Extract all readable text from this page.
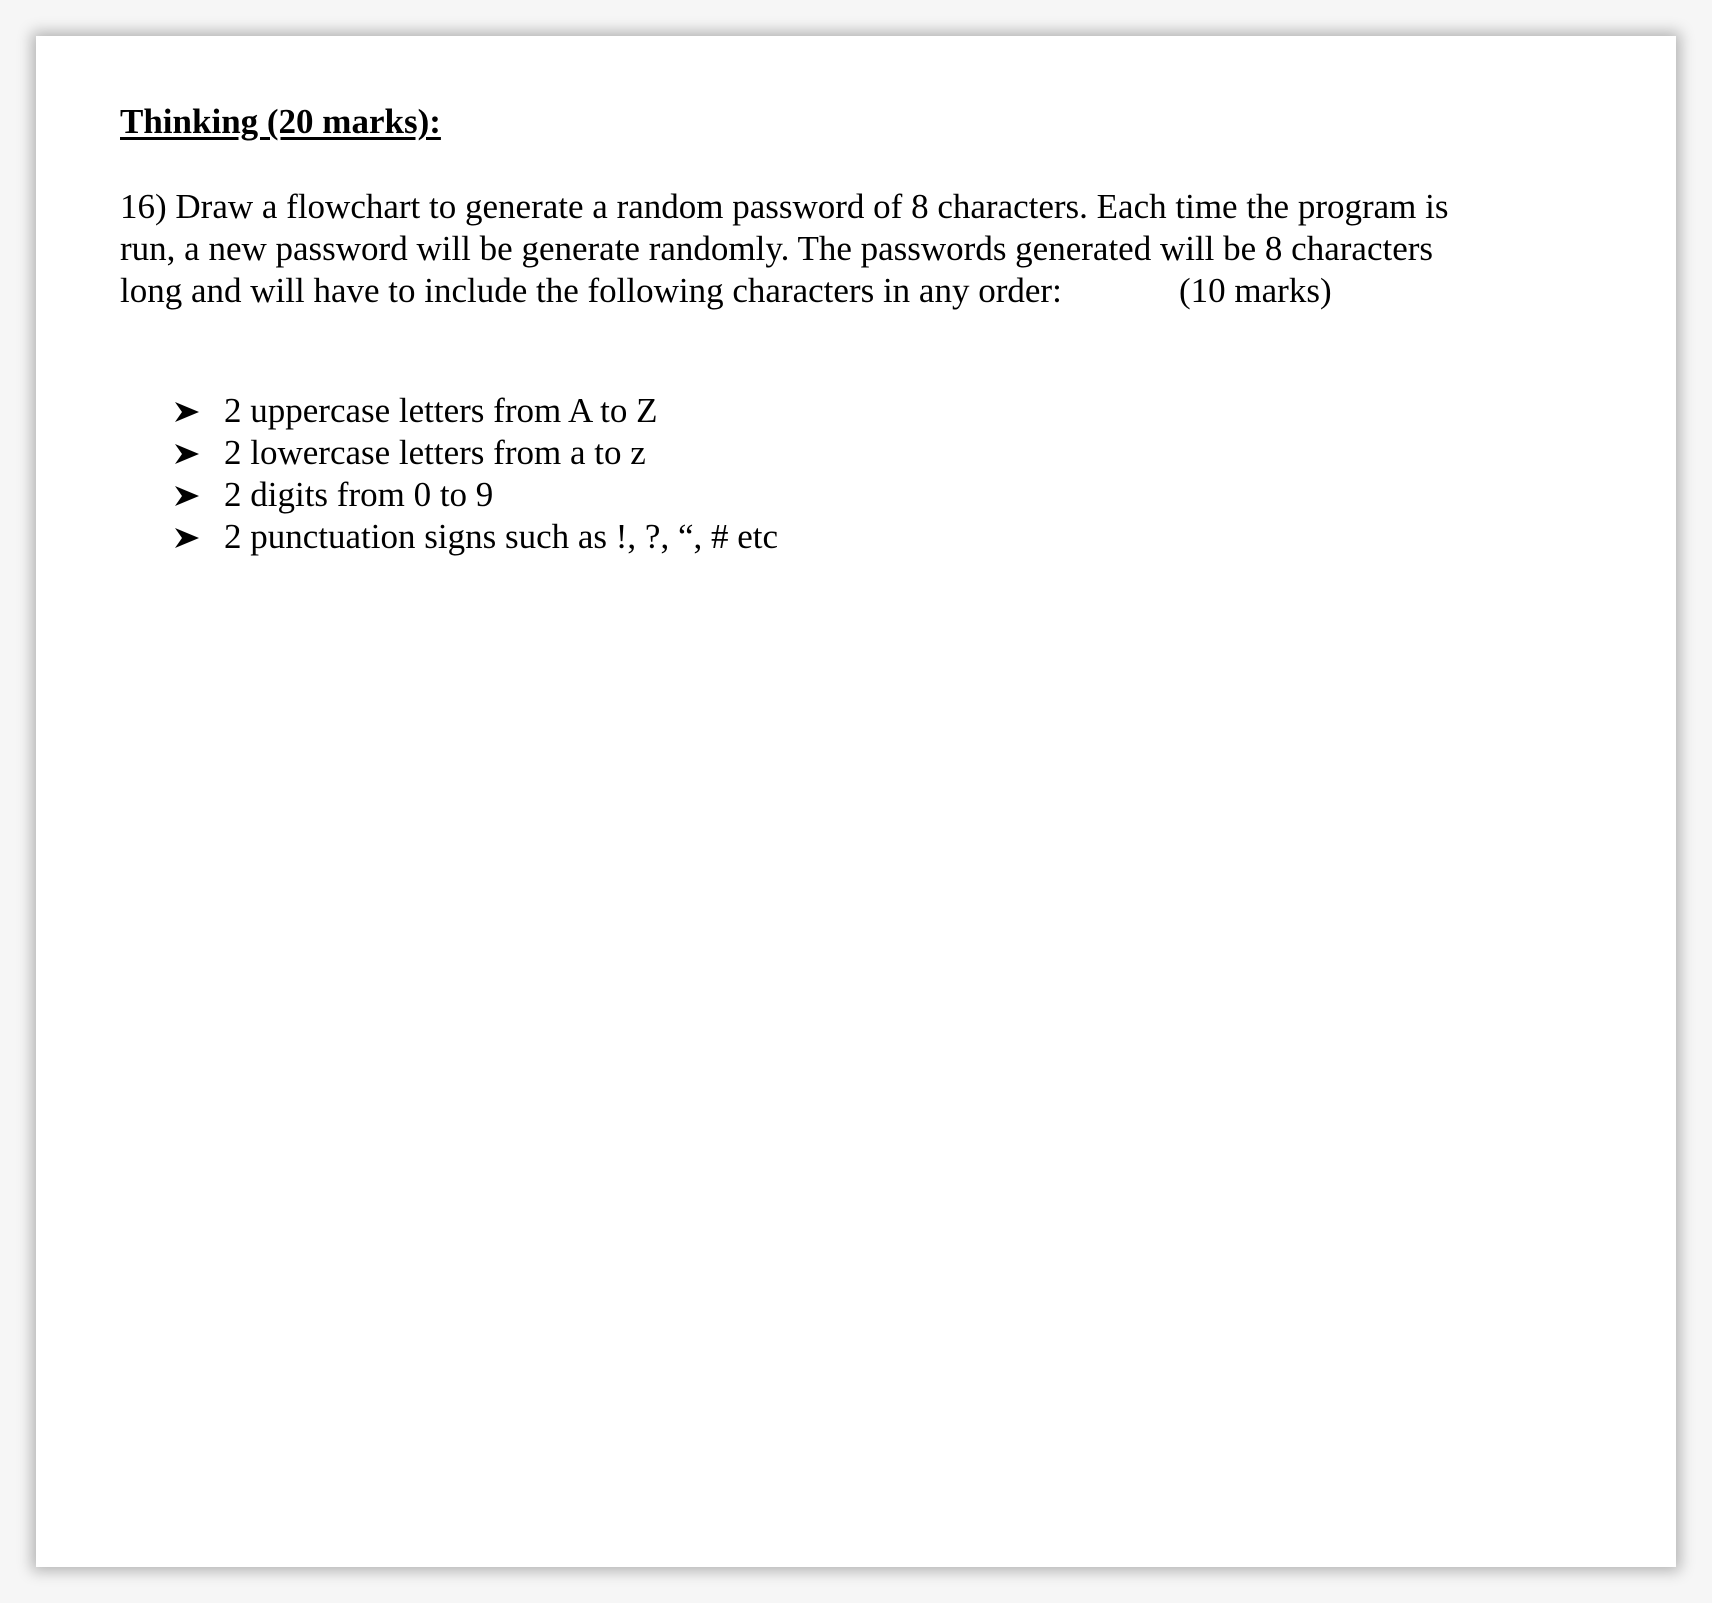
Thinking (20 marks):
16) Draw a flowchart to generate a random password of 8 characters. Each time the program is
run, a new password will be generate randomly. The passwords generated will be 8 characters
long and will have to include the following characters in any order:	(10 marks)
2 uppercase letters from A to Z
2 lowercase letters from a to z
2 digits from 0 to 9
2 punctuation signs such as !, ?, “, # etc
